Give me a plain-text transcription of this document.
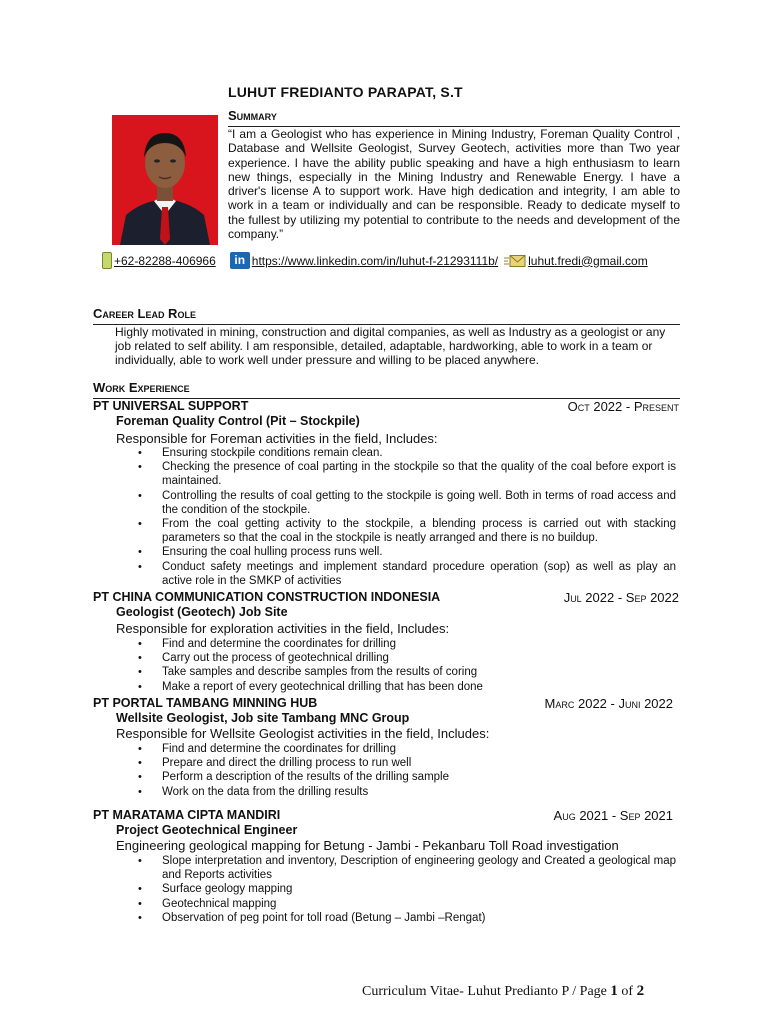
LUHUT FREDIANTO PARAPAT, S.T
Summary
“I am a Geologist who has experience in Mining Industry, Foreman Quality Control , Database and Wellsite Geologist, Survey Geotech, activities more than Two year experience. I have the ability public speaking and have a high enthusiasm to learn new things, especially in the Mining Industry and Renewable Energy. I have a driver's license A to support work. Have high dedication and integrity, I am able to work in a team or individually and can be responsible. Ready to dedicate myself to the fullest by utilizing my potential to contribute to the needs and development of the company.”
+62-82288-406966	in https://www.linkedin.com/in/luhut-f-21293111b/	luhut.fredi@gmail.com
Career Lead Role
Highly motivated in mining, construction and digital companies, as well as Industry as a geologist or any job related to self ability. I am responsible, detailed, adaptable, hardworking, able to work in a team or individually, able to work well under pressure and willing to be placed anywhere.
Work Experience
PT UNIVERSAL SUPPORT	Oct 2022 - Present
Foreman Quality Control (Pit – Stockpile)
Responsible for Foreman activities in the field, Includes:
• Ensuring stockpile conditions remain clean.
• Checking the presence of coal parting in the stockpile so that the quality of the coal before export is maintained.
• Controlling the results of coal getting to the stockpile is going well. Both in terms of road access and the condition of the stockpile.
• From the coal getting activity to the stockpile, a blending process is carried out with stacking parameters so that the coal in the stockpile is neatly arranged and there is no buildup.
• Ensuring the coal hulling process runs well.
• Conduct safety meetings and implement standard procedure operation (sop) as well as play an active role in the SMKP of activities
PT CHINA COMMUNICATION CONSTRUCTION INDONESIA	Jul 2022 - Sep 2022
Geologist (Geotech) Job Site
Responsible for exploration activities in the field, Includes:
• Find and determine the coordinates for drilling
• Carry out the process of geotechnical drilling
• Take samples and describe samples from the results of coring
• Make a report of every geotechnical drilling that has been done
PT PORTAL TAMBANG MINNING HUB	Marc 2022 - Juni 2022
Wellsite Geologist, Job site Tambang MNC Group
Responsible for Wellsite Geologist activities in the field, Includes:
• Find and determine the coordinates for drilling
• Prepare and direct the drilling process to run well
• Perform a description of the results of the drilling sample
• Work on the data from the drilling results
PT MARATAMA CIPTA MANDIRI	Aug 2021 - Sep 2021
Project Geotechnical Engineer
Engineering geological mapping for Betung - Jambi - Pekanbaru Toll Road investigation
• Slope interpretation and inventory, Description of engineering geology and Created a geological map and Reports activities
• Surface geology mapping
• Geotechnical mapping
• Observation of peg point for toll road (Betung – Jambi –Rengat)
Curriculum Vitae- Luhut Predianto P / Page 1 of 2
